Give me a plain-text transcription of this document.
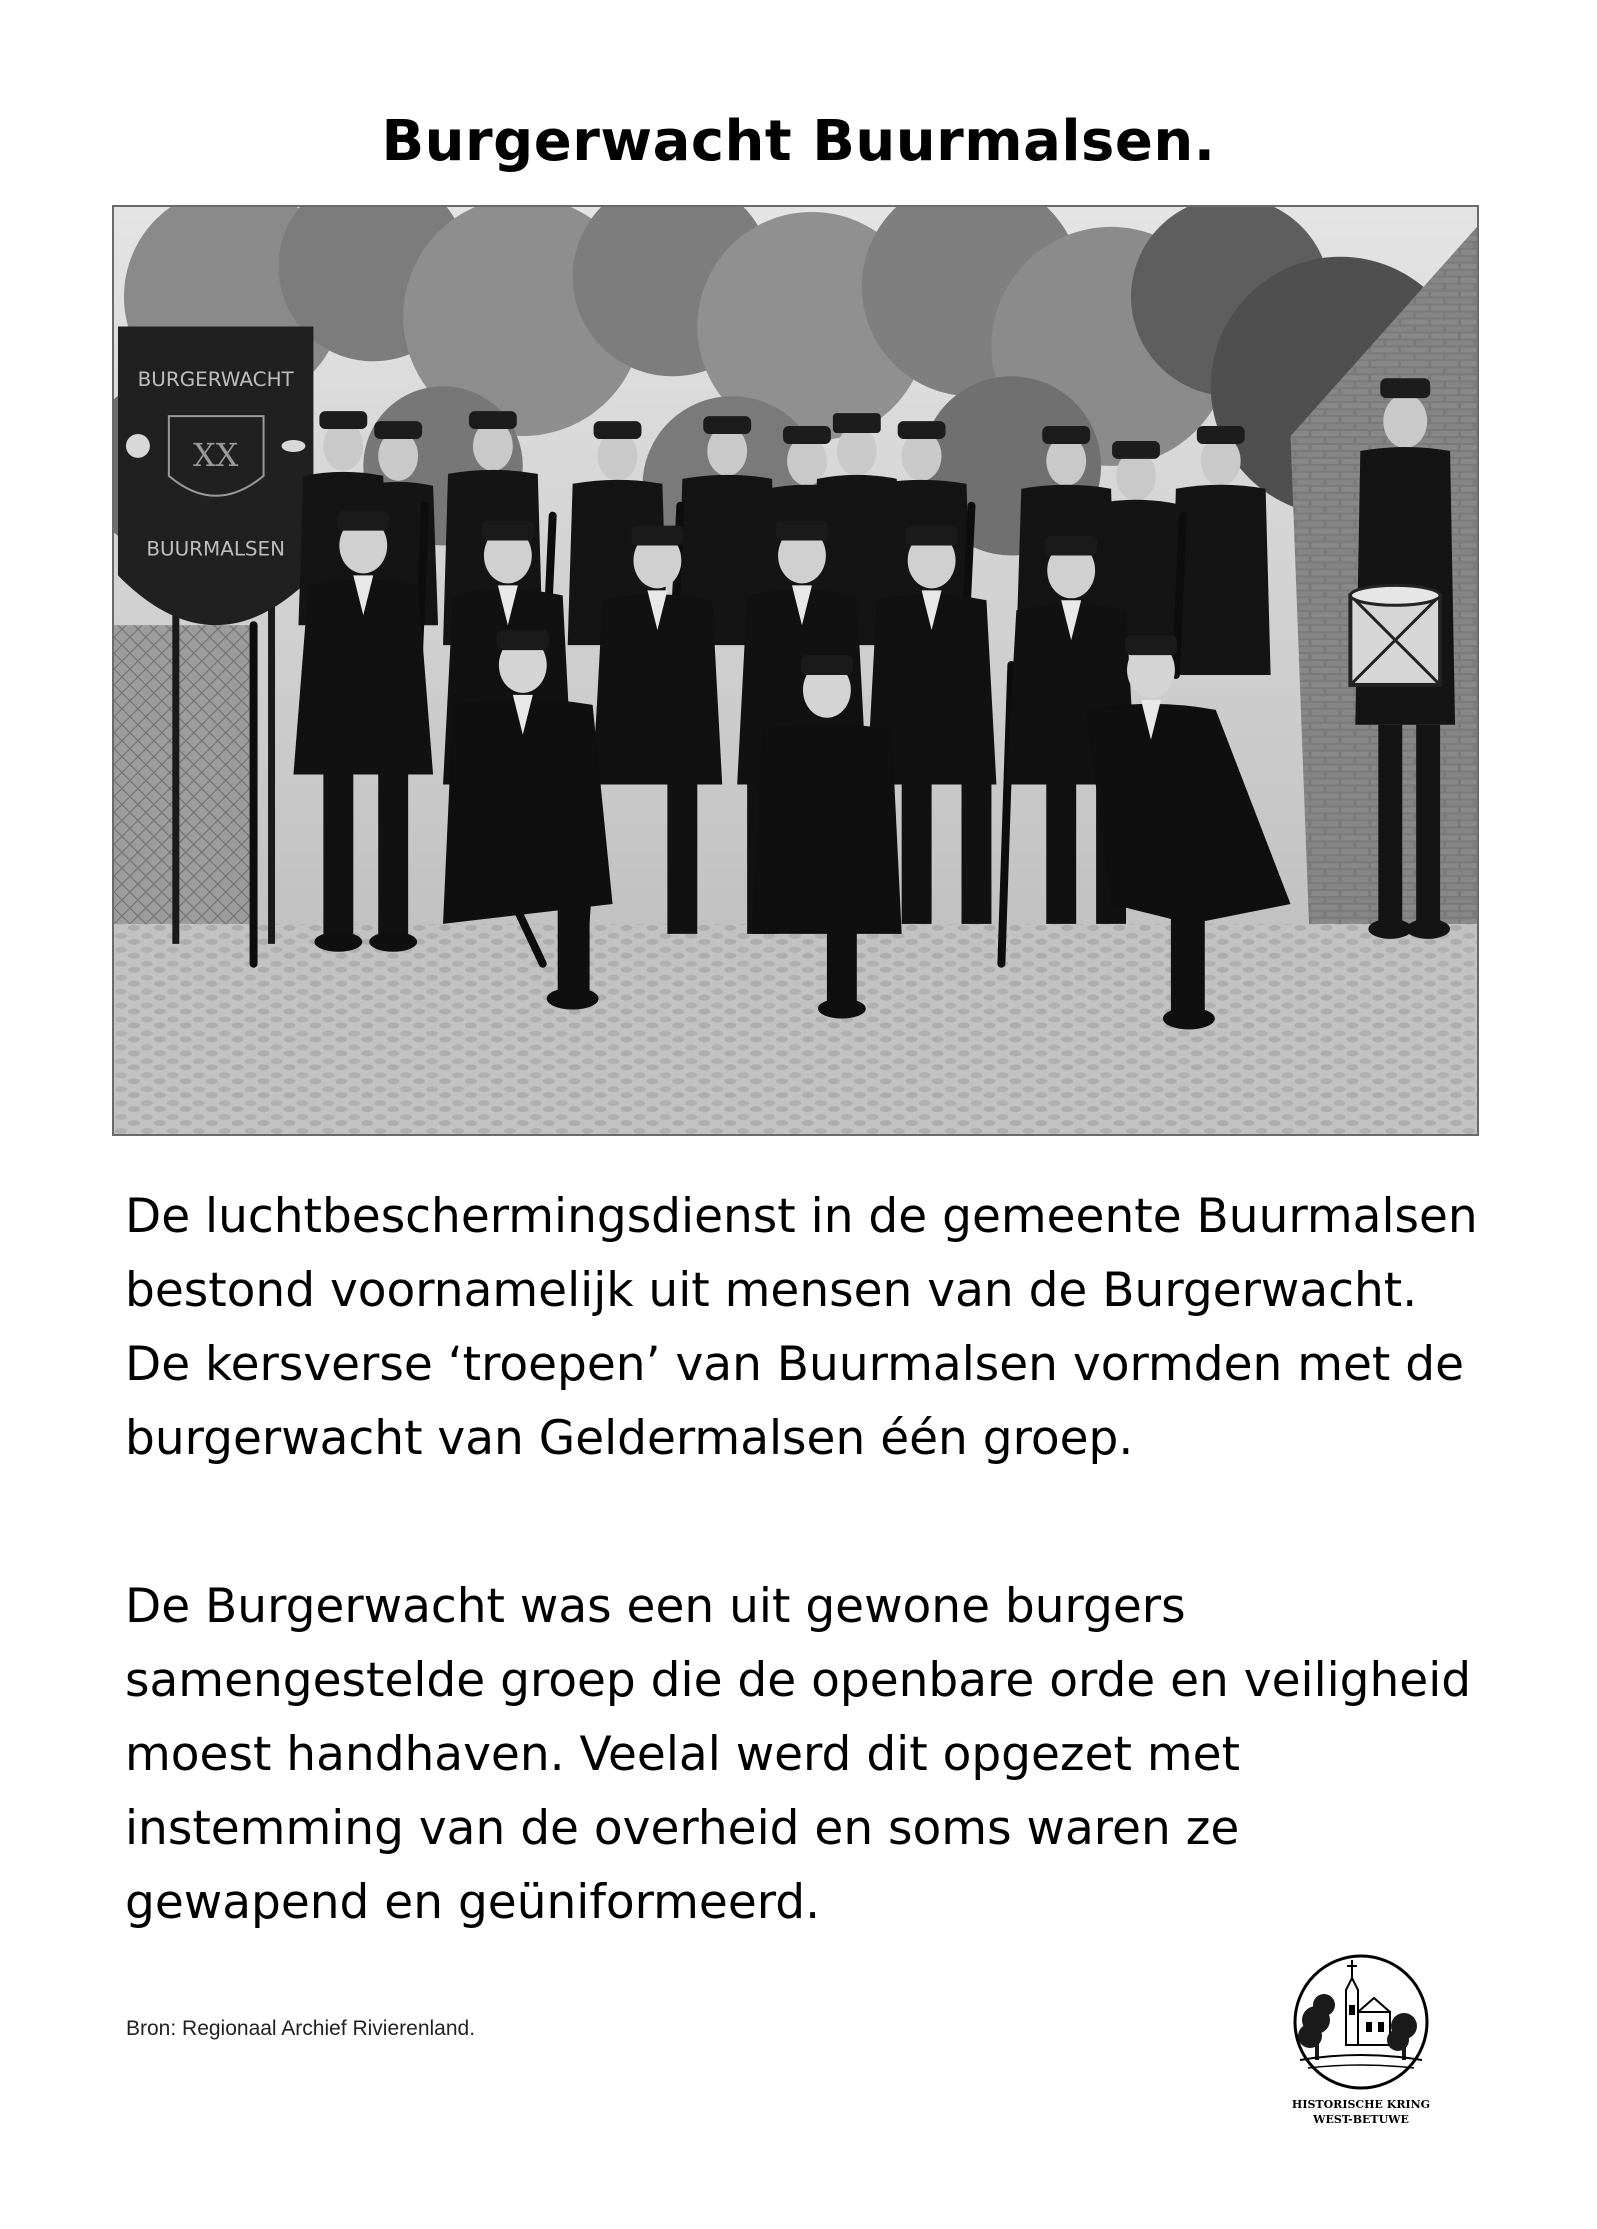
Burgerwacht Buurmalsen.
BURGERWACHT
XX
BUURMALSEN

De luchtbeschermingsdienst in de gemeente Buurmalsen bestond voornamelijk uit mensen van de Burgerwacht. De kersverse ‘troepen’ van Buurmalsen vormden met de burgerwacht van Geldermalsen één groep.

De Burgerwacht was een uit gewone burgers samengestelde groep die de openbare orde en veiligheid moest handhaven. Veelal werd dit opgezet met instemming van de overheid en soms waren ze gewapend en geüniformeerd.

Bron: Regionaal Archief Rivierenland.
HISTORISCHE KRING
WEST-BETUWE
